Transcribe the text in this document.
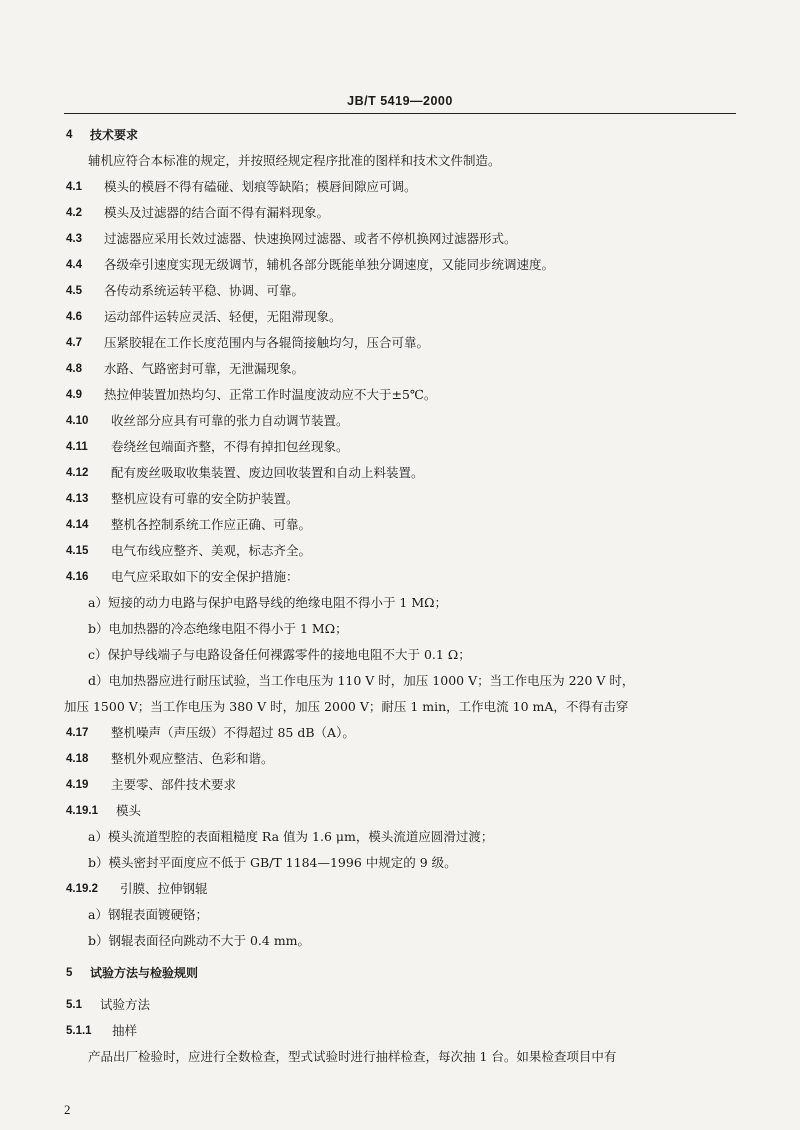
JB/T 5419—2000
4 技术要求
辅机应符合本标准的规定，并按照经规定程序批准的图样和技术文件制造。
4.1 模头的模唇不得有磕碰、划痕等缺陷；模唇间隙应可调。
4.2 模头及过滤器的结合面不得有漏料现象。
4.3 过滤器应采用长效过滤器、快速换网过滤器、或者不停机换网过滤器形式。
4.4 各级牵引速度实现无级调节，辅机各部分既能单独分调速度，又能同步统调速度。
4.5 各传动系统运转平稳、协调、可靠。
4.6 运动部件运转应灵活、轻便，无阻滞现象。
4.7 压紧胶辊在工作长度范围内与各辊筒接触均匀，压合可靠。
4.8 水路、气路密封可靠，无泄漏现象。
4.9 热拉伸装置加热均匀、正常工作时温度波动应不大于±5℃。
4.10 收丝部分应具有可靠的张力自动调节装置。
4.11 卷绕丝包端面齐整，不得有掉扣包丝现象。
4.12 配有废丝吸取收集装置、废边回收装置和自动上料装置。
4.13 整机应设有可靠的安全防护装置。
4.14 整机各控制系统工作应正确、可靠。
4.15 电气布线应整齐、美观，标志齐全。
4.16 电气应采取如下的安全保护措施：
a）短接的动力电路与保护电路导线的绝缘电阻不得小于 1 MΩ；
b）电加热器的冷态绝缘电阻不得小于 1 MΩ；
c）保护导线端子与电路设备任何裸露零件的接地电阻不大于 0.1 Ω；
d）电加热器应进行耐压试验，当工作电压为 110 V 时，加压 1000 V；当工作电压为 220 V 时，
加压 1500 V；当工作电压为 380 V 时，加压 2000 V；耐压 1 min，工作电流 10 mA，不得有击穿
4.17 整机噪声（声压级）不得超过 85 dB（A）。
4.18 整机外观应整洁、色彩和谐。
4.19 主要零、部件技术要求
4.19.1 模头
a）模头流道型腔的表面粗糙度 Ra 值为 1.6 μm，模头流道应圆滑过渡；
b）模头密封平面度应不低于 GB/T 1184—1996 中规定的 9 级。
4.19.2 引膜、拉伸钢辊
a）钢辊表面镀硬铬；
b）钢辊表面径向跳动不大于 0.4 mm。
5 试验方法与检验规则
5.1 试验方法
5.1.1 抽样
产品出厂检验时，应进行全数检查，型式试验时进行抽样检查，每次抽 1 台。如果检查项目中有
2
